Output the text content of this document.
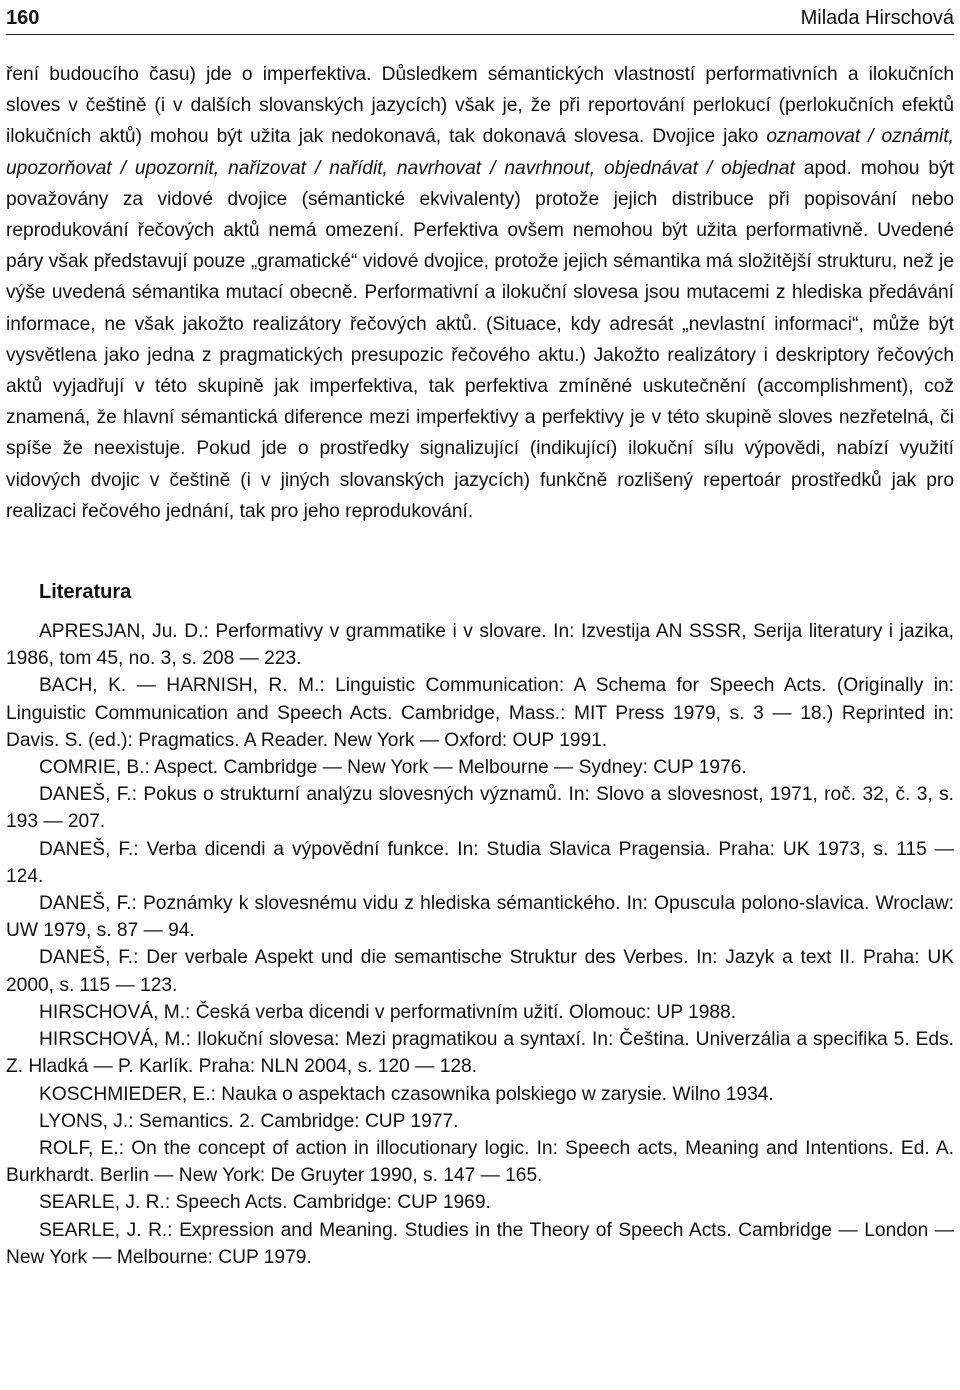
160	Milada Hirschová

ření budoucího času) jde o imperfektiva. Důsledkem sémantických vlastností performativních a ilokučních sloves v češtině (i v dalších slovanských jazycích) však je, že při reportování perlokucí (perlokučních efektů ilokučních aktů) mohou být užita jak nedokonavá, tak dokonavá slovesa. Dvojice jako oznamovat / oznámit, upozorňovat / upozornit, nařizovat / nařídit, navrhovat / navrhnout, objednávat / objednat apod. mohou být považovány za vidové dvojice (sémantické ekvivalenty) protože jejich distribuce při popisování nebo reprodukování řečových aktů nemá omezení. Perfektiva ovšem nemohou být užita performativně. Uvedené páry však představují pouze „gramatické“ vidové dvojice, protože jejich sémantika má složitější strukturu, než je výše uvedená sémantika mutací obecně. Performativní a ilokuční slovesa jsou mutacemi z hlediska předávání informace, ne však jakožto realizátory řečových aktů. (Situace, kdy adresát „nevlastní informaci“, může být vysvětlena jako jedna z pragmatických presupozic řečového aktu.) Jakožto realizátory i deskriptory řečových aktů vyjadřují v této skupině jak imperfektiva, tak perfektiva zmíněné uskutečnění (accomplishment), což znamená, že hlavní sémantická diference mezi imperfektivy a perfektivy je v této skupině sloves nezřetelná, či spíše že neexistuje. Pokud jde o prostředky signalizující (indikující) ilokuční sílu výpovědi, nabízí využití vidových dvojic v češtině (i v jiných slovanských jazycích) funkčně rozlišený repertoár prostředků jak pro realizaci řečového jednání, tak pro jeho reprodukování.

Literatura

APRESJAN, Ju. D.: Performativy v grammatike i v slovare. In: Izvestija AN SSSR, Serija literatury i jazika, 1986, tom 45, no. 3, s. 208 — 223.

BACH, K. — HARNISH, R. M.: Linguistic Communication: A Schema for Speech Acts. (Originally in: Linguistic Communication and Speech Acts. Cambridge, Mass.: MIT Press 1979, s. 3 — 18.) Reprinted in: Davis. S. (ed.): Pragmatics. A Reader. New York — Oxford: OUP 1991.

COMRIE, B.: Aspect. Cambridge — New York — Melbourne — Sydney: CUP 1976.

DANEŠ, F.: Pokus o strukturní analýzu slovesných významů. In: Slovo a slovesnost, 1971, roč. 32, č. 3, s. 193 — 207.

DANEŠ, F.: Verba dicendi a výpovědní funkce. In: Studia Slavica Pragensia. Praha: UK 1973, s. 115 — 124.

DANEŠ, F.: Poznámky k slovesnému vidu z hlediska sémantického. In: Opuscula polono-slavica. Wroclaw: UW 1979, s. 87 — 94.

DANEŠ, F.: Der verbale Aspekt und die semantische Struktur des Verbes. In: Jazyk a text II. Praha: UK 2000, s. 115 — 123.

HIRSCHOVÁ, M.: Česká verba dicendi v performativním užití. Olomouc: UP 1988.

HIRSCHOVÁ, M.: Ilokuční slovesa: Mezi pragmatikou a syntaxí. In: Čeština. Univerzália a specifika 5. Eds. Z. Hladká — P. Karlík. Praha: NLN 2004, s. 120 — 128.

KOSCHMIEDER, E.: Nauka o aspektach czasownika polskiego w zarysie. Wilno 1934.

LYONS, J.: Semantics. 2. Cambridge: CUP 1977.

ROLF, E.: On the concept of action in illocutionary logic. In: Speech acts, Meaning and Intentions. Ed. A. Burkhardt. Berlin — New York: De Gruyter 1990, s. 147 — 165.

SEARLE, J. R.: Speech Acts. Cambridge: CUP 1969.

SEARLE, J. R.: Expression and Meaning. Studies in the Theory of Speech Acts. Cambridge — London — New York — Melbourne: CUP 1979.
